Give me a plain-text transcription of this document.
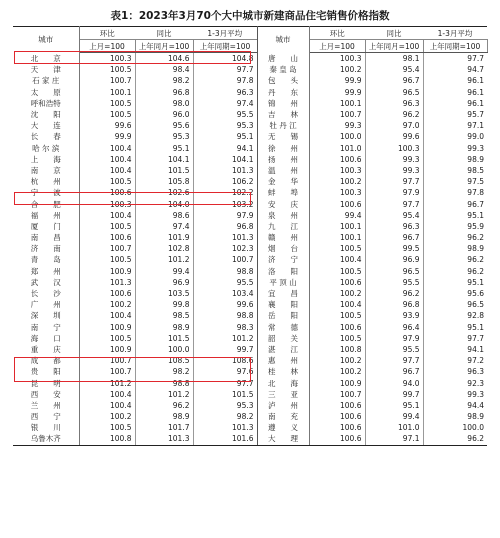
表1：2023年3月70个大中城市新建商品住宅销售价格指数
城市	环比	同比	1-3月平均	城市	环比	同比	1-3月平均
	上月=100	上年同月=100	上年同期=100		上月=100	上年同月=100	上年同期=100
北　　京	100.3	104.6	104.8	唐　　山	100.3	98.1	97.7
天　　津	100.5	98.4	97.7	秦 皇 岛	100.2	95.4	94.7
石 家 庄	100.7	98.2	97.8	包　　头	99.9	96.7	96.1
太　　原	100.1	96.8	96.3	丹　　东	99.9	96.5	96.1
呼和浩特	100.5	98.0	97.4	锦　　州	100.1	96.3	96.1
沈　　阳	100.5	96.0	95.5	吉　　林	100.7	96.2	95.7
大　　连	99.6	95.6	95.3	牡 丹 江	99.3	97.0	97.1
长　　春	99.9	95.3	95.1	无　　锡	100.0	99.6	99.0
哈 尔 滨	100.4	95.1	94.1	徐　　州	101.0	100.3	99.3
上　　海	100.4	104.1	104.1	扬　　州	100.6	99.3	98.9
南　　京	100.4	101.5	101.3	温　　州	100.3	99.3	98.5
杭　　州	100.5	105.8	106.2	金　　华	100.2	97.7	97.5
宁　　波	100.6	102.6	102.2	蚌　　埠	100.3	97.9	97.8
合　　肥	100.3	104.0	103.2	安　　庆	100.6	97.7	96.7
福　　州	100.4	98.6	97.9	泉　　州	99.4	95.4	95.1
厦　　门	100.5	97.4	96.8	九　　江	100.1	96.3	95.9
南　　昌	100.6	101.9	101.3	赣　　州	100.1	96.7	96.2
济　　南	100.7	102.8	102.3	烟　　台	100.5	99.5	98.9
青　　岛	100.5	101.2	100.7	济　　宁	100.4	96.9	96.2
郑　　州	100.9	99.4	98.8	洛　　阳	100.5	96.5	96.2
武　　汉	101.3	96.9	95.5	平 顶 山	100.6	95.5	95.1
长　　沙	100.6	103.5	103.4	宜　　昌	100.2	96.2	95.6
广　　州	100.2	99.8	99.6	襄　　阳	100.4	96.8	96.5
深　　圳	100.4	98.5	98.8	岳　　阳	100.5	93.9	92.8
南　　宁	100.9	98.9	98.3	常　　德	100.6	96.4	95.1
海　　口	100.5	101.5	101.2	韶　　关	100.5	97.9	97.7
重　　庆	100.9	100.0	99.7	湛　　江	100.8	95.5	94.1
成　　都	100.7	108.5	108.6	惠　　州	100.2	97.7	97.2
贵　　阳	100.7	98.2	97.6	桂　　林	100.2	96.7	96.3
昆　　明	101.2	98.8	97.7	北　　海	100.9	94.0	92.3
西　　安	100.4	101.2	101.5	三　　亚	100.7	99.7	99.3
兰　　州	100.4	96.2	95.3	泸　　州	100.6	95.1	94.4
西　　宁	100.2	98.9	98.2	南　　充	100.6	99.4	98.9
银　　川	100.5	101.7	101.3	遵　　义	100.6	101.0	100.0
乌鲁木齐	100.8	101.3	101.6	大　　理	100.6	97.1	96.2
